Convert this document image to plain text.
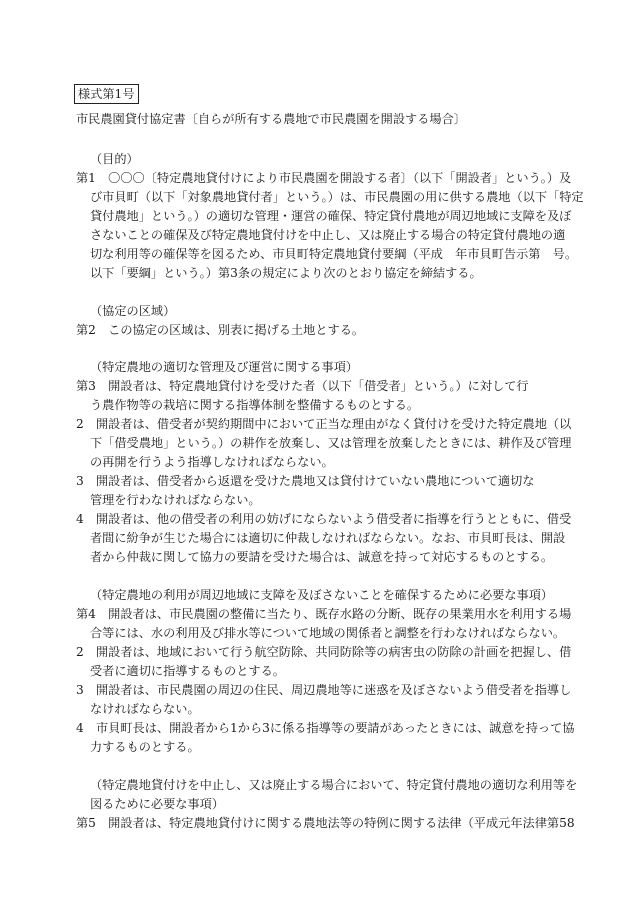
様式第1号
市民農園貸付協定書〔自らが所有する農地で市民農園を開設する場合〕
（目的）
第1　〇〇〇〔特定農地貸付けにより市民農園を開設する者〕（以下「開設者」という。）及
び市貝町（以下「対象農地貸付者」という。）は、市民農園の用に供する農地（以下「特定
貸付農地」という。）の適切な管理・運営の確保、特定貸付農地が周辺地域に支障を及ぼ
さないことの確保及び特定農地貸付けを中止し、又は廃止する場合の特定貸付農地の適
切な利用等の確保等を図るため、市貝町特定農地貸付要綱（平成　年市貝町告示第　号。
以下「要綱」という。）第3条の規定により次のとおり協定を締結する。
（協定の区域）
第2　この協定の区域は、別表に掲げる土地とする。
（特定農地の適切な管理及び運営に関する事項）
第3　開設者は、特定農地貸付けを受けた者（以下「借受者」という。）に対して行
う農作物等の栽培に関する指導体制を整備するものとする。
2　開設者は、借受者が契約期間中において正当な理由がなく貸付けを受けた特定農地（以
下「借受農地」という。）の耕作を放棄し、又は管理を放棄したときには、耕作及び管理
の再開を行うよう指導しなければならない。
3　開設者は、借受者から返還を受けた農地又は貸付けていない農地について適切な
管理を行わなければならない。
4　開設者は、他の借受者の利用の妨げにならないよう借受者に指導を行うとともに、借受
者間に紛争が生じた場合には適切に仲裁しなければならない。なお、市貝町長は、開設
者から仲裁に関して協力の要請を受けた場合は、誠意を持って対応するものとする。
（特定農地の利用が周辺地域に支障を及ぼさないことを確保するために必要な事項）
第4　開設者は、市民農園の整備に当たり、既存水路の分断、既存の果業用水を利用する場
合等には、水の利用及び排水等について地域の関係者と調整を行わなければならない。
2　開設者は、地域において行う航空防除、共同防除等の病害虫の防除の計画を把握し、借
受者に適切に指導するものとする。
3　開設者は、市民農園の周辺の住民、周辺農地等に迷惑を及ぼさないよう借受者を指導し
なければならない。
4　市貝町長は、開設者から1から3に係る指導等の要請があったときには、誠意を持って協
力するものとする。
（特定農地貸付けを中止し、又は廃止する場合において、特定貸付農地の適切な利用等を
図るために必要な事項）
第5　開設者は、特定農地貸付けに関する農地法等の特例に関する法律（平成元年法律第58
